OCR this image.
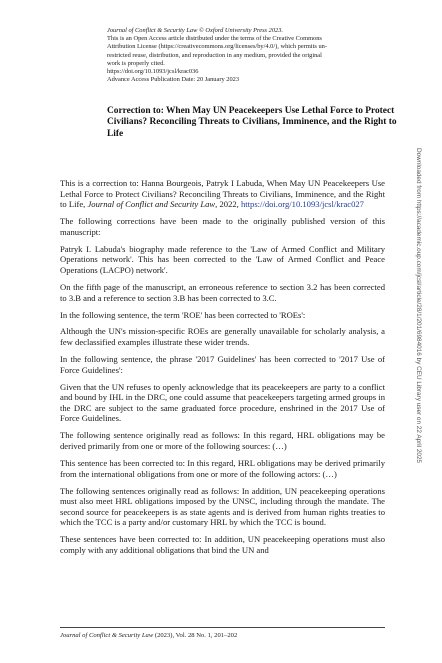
Journal of Conflict & Security Law © Oxford University Press 2023.
This is an Open Access article distributed under the terms of the Creative Commons
Attribution License (https://creativecommons.org/licenses/by/4.0/), which permits un-
restricted reuse, distribution, and reproduction in any medium, provided the original
work is properly cited.
https://doi.org/10.1093/jcsl/krac036
Advance Access Publication Date: 20 January 2023
Correction to: When May UN Peacekeepers Use Lethal Force to Protect Civilians? Reconciling Threats to Civilians, Imminence, and the Right to Life

This is a correction to: Hanna Bourgeois, Patryk I Labuda, When May UN Peacekeepers Use Lethal Force to Protect Civilians? Reconciling Threats to Civilians, Imminence, and the Right to Life, Journal of Conflict and Security Law, 2022, https://doi.org/10.1093/jcsl/krac027

The following corrections have been made to the originally published version of this manuscript:

Patryk I. Labuda's biography made reference to the 'Law of Armed Conflict and Military Operations network'. This has been corrected to the 'Law of Armed Conflict and Peace Operations (LACPO) network'.

On the fifth page of the manuscript, an erroneous reference to section 3.2 has been corrected to 3.B and a reference to section 3.B has been corrected to 3.C.

In the following sentence, the term 'ROE' has been corrected to 'ROEs':

Although the UN's mission-specific ROEs are generally unavailable for scholarly analysis, a few declassified examples illustrate these wider trends.

In the following sentence, the phrase '2017 Guidelines' has been corrected to '2017 Use of Force Guidelines':

Given that the UN refuses to openly acknowledge that its peacekeepers are party to a conflict and bound by IHL in the DRC, one could assume that peacekeepers targeting armed groups in the DRC are subject to the same graduated force procedure, enshrined in the 2017 Use of Force Guidelines.

The following sentence originally read as follows: In this regard, HRL obligations may be derived primarily from one or more of the following sources: (…)

This sentence has been corrected to: In this regard, HRL obligations may be derived primarily from the international obligations from one or more of the following actors: (…)

The following sentences originally read as follows: In addition, UN peacekeeping operations must also meet HRL obligations imposed by the UNSC, including through the mandate. The second source for peacekeepers is as state agents and is derived from human rights treaties to which the TCC is a party and/or customary HRL by which the TCC is bound.

These sentences have been corrected to: In addition, UN peacekeeping operations must also comply with any additional obligations that bind the UN and

Downloaded from https://academic.oup.com/jcsl/article/28/1/201/6984016 by CEU Library user on 22 April 2025
Journal of Conflict & Security Law (2023), Vol. 28 No. 1, 201–202
